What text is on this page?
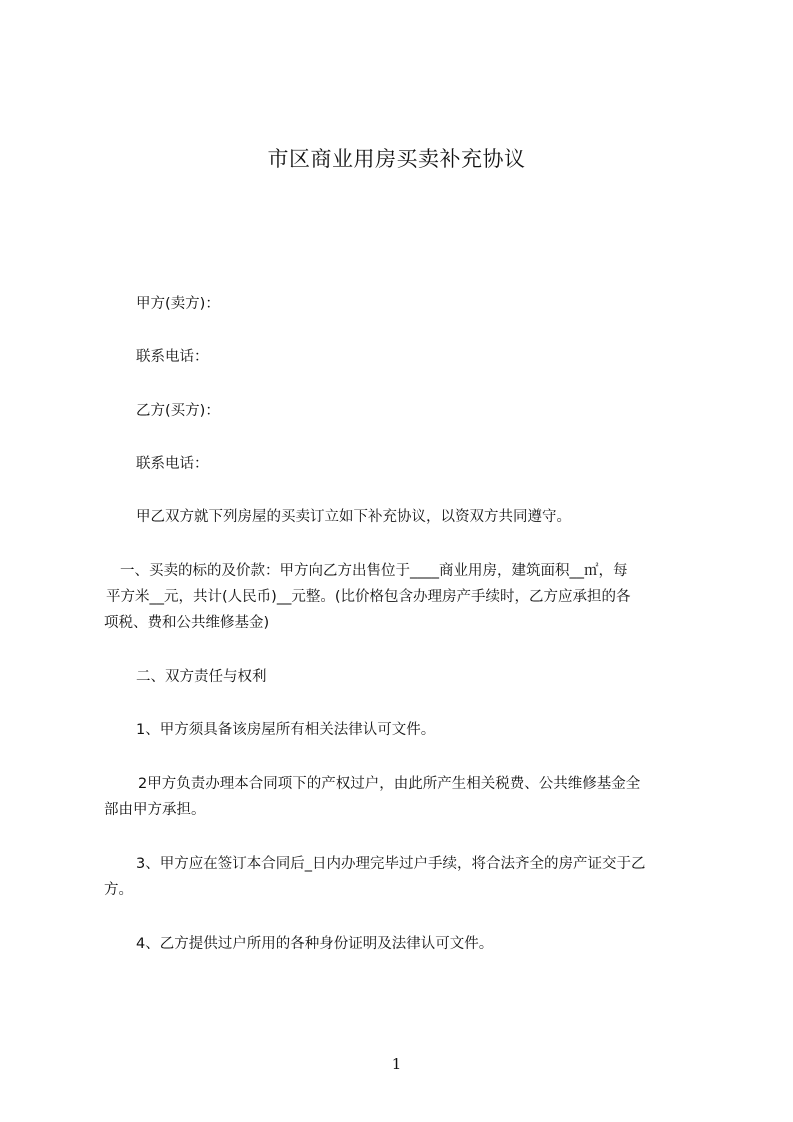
市区商业用房买卖补充协议
甲方(卖方)：
联系电话：
乙方(买方)：
联系电话：
甲乙双方就下列房屋的买卖订立如下补充协议，以资双方共同遵守。
一、买卖的标的及价款：甲方向乙方出售位于____商业用房，建筑面积__㎡，每
平方米__元，共计(人民币)__元整。(比价格包含办理房产手续时，乙方应承担的各
项税、费和公共维修基金)
二、双方责任与权利
1、甲方须具备该房屋所有相关法律认可文件。
2甲方负责办理本合同项下的产权过户，由此所产生相关税费、公共维修基金全
部由甲方承担。
3、甲方应在签订本合同后_日内办理完毕过户手续，将合法齐全的房产证交于乙
方。
4、乙方提供过户所用的各种身份证明及法律认可文件。
1
